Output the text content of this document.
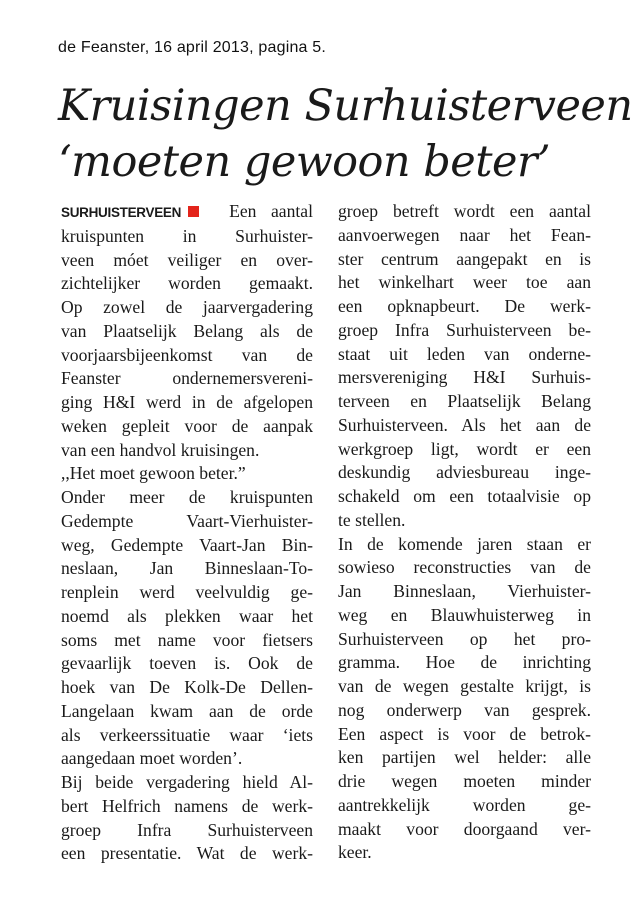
de Feanster, 16 april 2013, pagina 5.
Kruisingen Surhuisterveen
‘moeten gewoon beter’
SURHUISTERVEEN	Een aantal
kruispunten in Surhuister-
veen móet veiliger en over-
zichtelijker worden gemaakt.
Op zowel de jaarvergadering
van Plaatselijk Belang als de
voorjaarsbijeenkomst van de
Feanster ondernemersvereni-
ging H&I werd in de afgelopen
weken gepleit voor de aanpak
van een handvol kruisingen.
,,Het moet gewoon beter.”
Onder meer de kruispunten
Gedempte Vaart-Vierhuister-
weg, Gedempte Vaart-Jan Bin-
neslaan, Jan Binneslaan-To-
renplein werd veelvuldig ge-
noemd als plekken waar het
soms met name voor fietsers
gevaarlijk toeven is. Ook de
hoek van De Kolk-De Dellen-
Langelaan kwam aan de orde
als verkeerssituatie waar ‘iets
aangedaan moet worden’.
Bij beide vergadering hield Al-
bert Helfrich namens de werk-
groep Infra Surhuisterveen
een presentatie. Wat de werk-
groep betreft wordt een aantal
aanvoerwegen naar het Fean-
ster centrum aangepakt en is
het winkelhart weer toe aan
een opknapbeurt. De werk-
groep Infra Surhuisterveen be-
staat uit leden van onderne-
mersvereniging H&I Surhuis-
terveen en Plaatselijk Belang
Surhuisterveen. Als het aan de
werkgroep ligt, wordt er een
deskundig adviesbureau inge-
schakeld om een totaalvisie op
te stellen.
In de komende jaren staan er
sowieso reconstructies van de
Jan Binneslaan, Vierhuister-
weg en Blauwhuisterweg in
Surhuisterveen op het pro-
gramma. Hoe de inrichting
van de wegen gestalte krijgt, is
nog onderwerp van gesprek.
Een aspect is voor de betrok-
ken partijen wel helder: alle
drie wegen moeten minder
aantrekkelijk worden ge-
maakt voor doorgaand ver-
keer.
